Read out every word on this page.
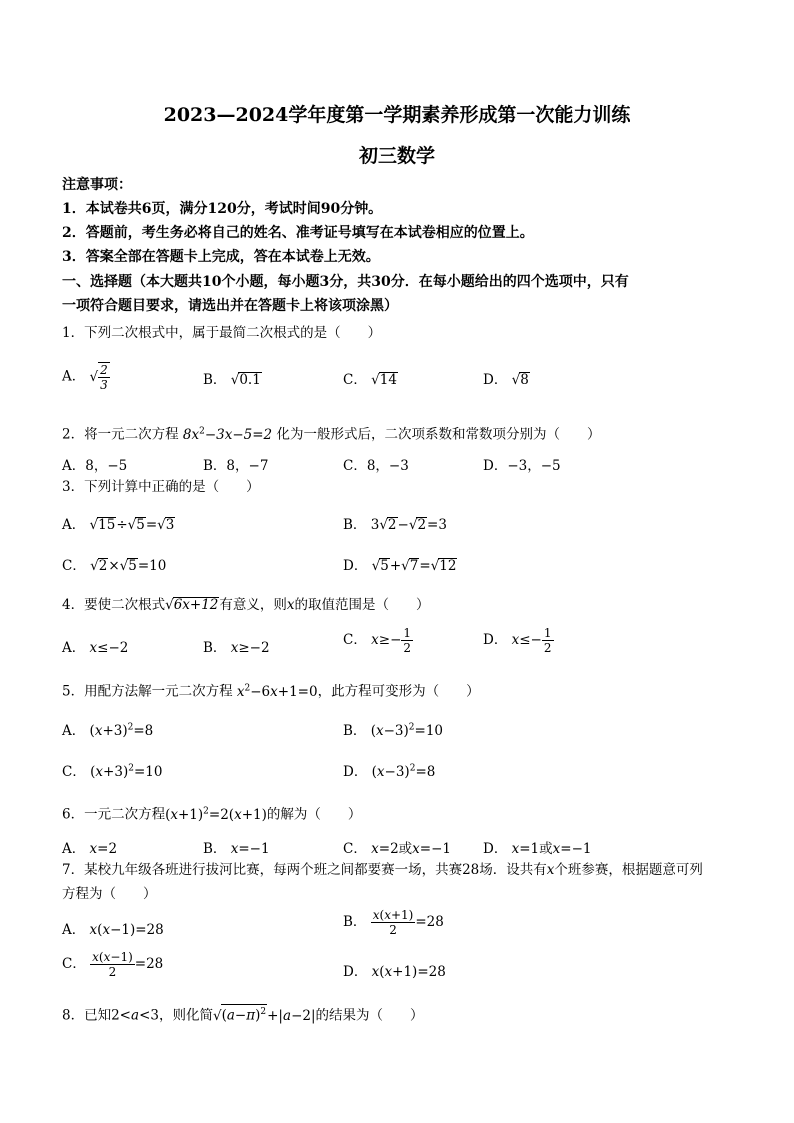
2023—2024学年度第一学期素养形成第一次能力训练
初三数学
注意事项：
1．本试卷共6页，满分120分，考试时间90分钟。
2．答题前，考生务必将自己的姓名、准考证号填写在本试卷相应的位置上。
3．答案全部在答题卡上完成，答在本试卷上无效。
一、选择题（本大题共10个小题，每小题3分，共30分．在每小题给出的四个选项中，只有
一项符合题目要求，请选出并在答题卡上将该项涂黑）
1．下列二次根式中，属于最简二次根式的是（　　）
A． √ $\frac{2}{3}$	B． √0.1	C． √14	D． √8
2．将一元二次方程 $8x^2-3x-5=2$ 化为一般形式后，二次项系数和常数项分别为（　　）
A．8，−5	B．8，−7	C．8，−3	D．−3，−5
3．下列计算中正确的是（　　）
A． √15÷√5=√3	B． 3√2−√2=3
C． √2×√5=10	D． √5+√7=√12
4．要使二次根式√6x+12有意义，则x的取值范围是（　　）
A． x≤−2	B． x≥−2	C． $x\ge- \frac{1}{2}$	D． $x\le- \frac{1}{2}$
5．用配方法解一元二次方程 $x^2-6x+1=0$，此方程可变形为（　　）
A． $(x+3)^2=8$	B． $(x-3)^2=10$
C． $(x+3)^2=10$	D． $(x-3)^2=8$
6．一元二次方程$(x+1)^2=2(x+1)$的解为（　　）
A． x=2	B． x=−1	C． x=2或x=−1 D． x=1或x=−1
7．某校九年级各班进行拔河比赛，每两个班之间都要赛一场，共赛28场．设共有x个班参赛，根据题意可列
方程为（　　）
A． x(x−1)=28	B． $\frac{x(x+1)}{2} =28$
C． $\frac{x(x-1)}{2} =28$	D． x(x+1)=28
8．已知2<a<3，则化简$√(a-\pi)^2+|a-2|$的结果为（　　）
